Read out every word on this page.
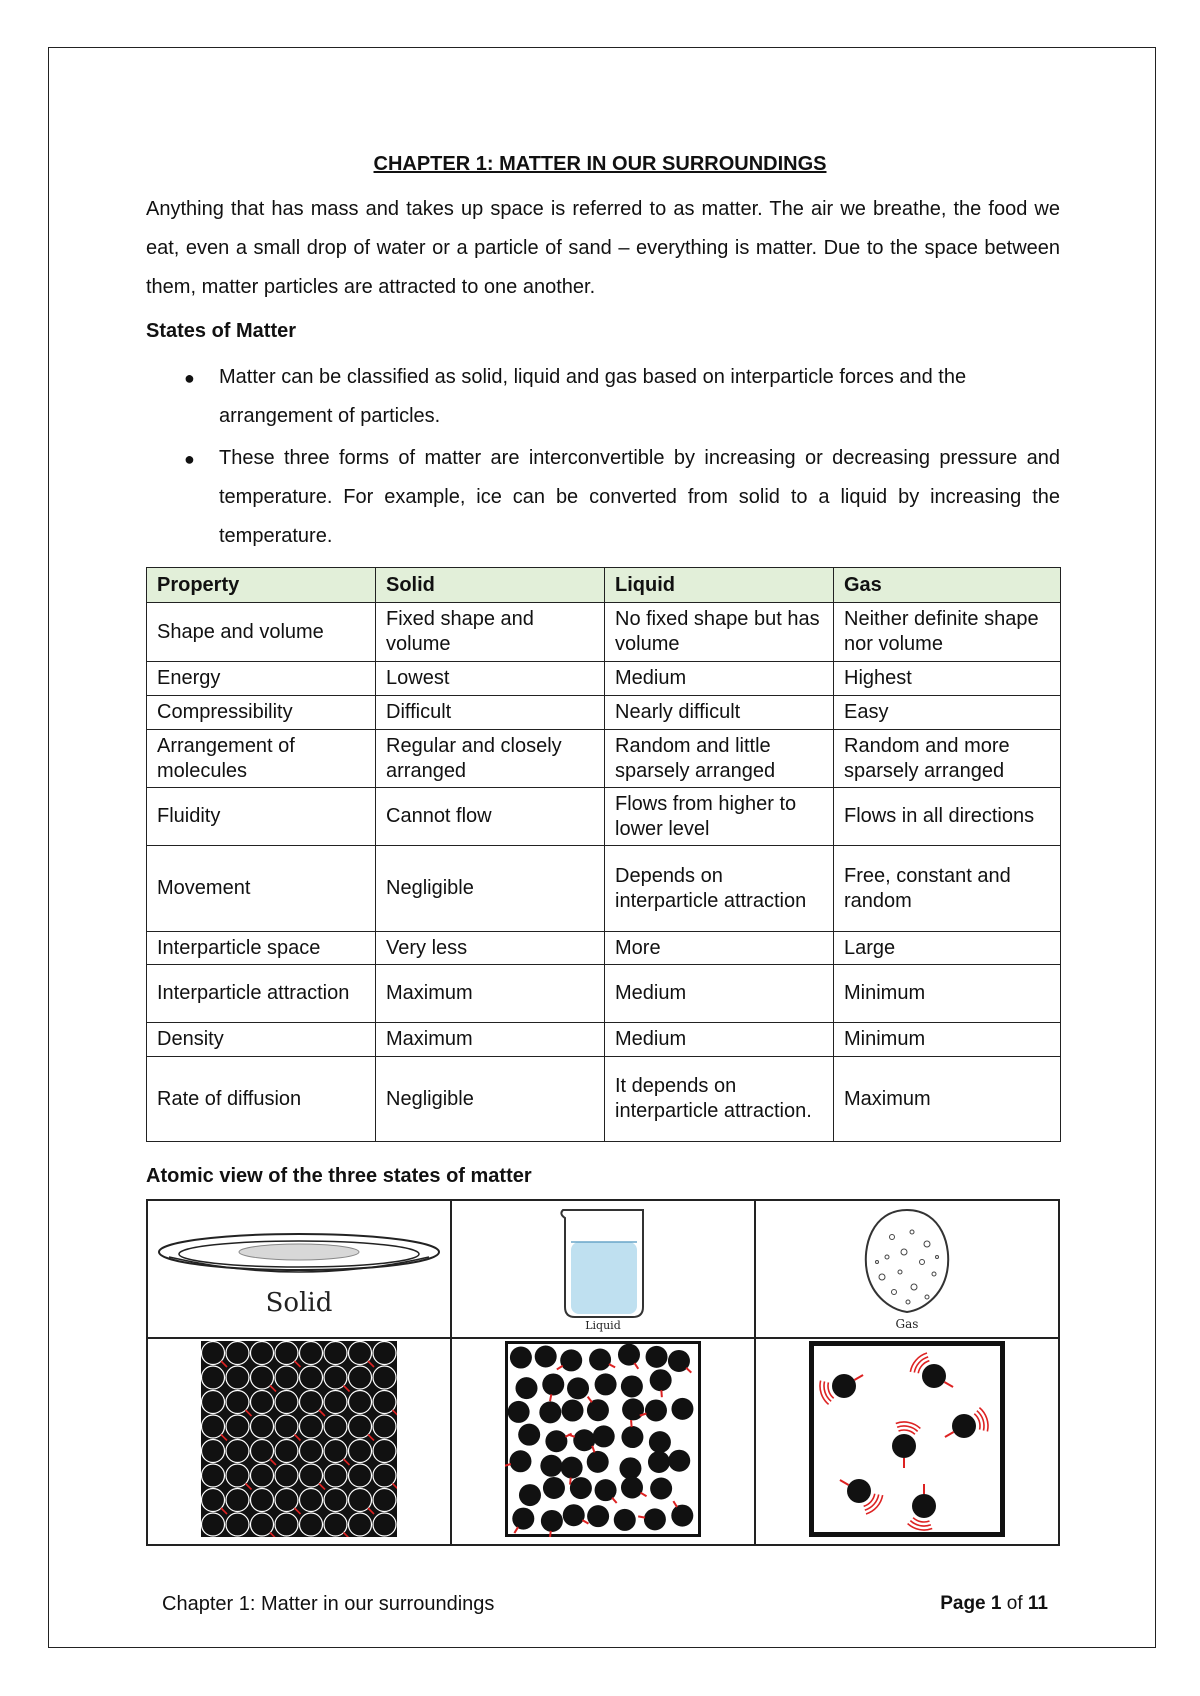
CHAPTER 1: MATTER IN OUR SURROUNDINGS
Anything that has mass and takes up space is referred to as matter. The air we breathe, the food we eat, even a small drop of water or a particle of sand – everything is matter. Due to the space between them, matter particles are attracted to one another.
States of Matter
● Matter can be classified as solid, liquid and gas based on interparticle forces and the arrangement of particles.
● These three forms of matter are interconvertible by increasing or decreasing pressure and temperature. For example, ice can be converted from solid to a liquid by increasing the temperature.
Property	Solid	Liquid	Gas
Shape and volume	Fixed shape and volume	No fixed shape but has volume	Neither definite shape nor volume
Energy	Lowest	Medium	Highest
Compressibility	Difficult	Nearly difficult	Easy
Arrangement of molecules	Regular and closely arranged	Random and little sparsely arranged	Random and more sparsely arranged
Fluidity	Cannot flow	Flows from higher to lower level	Flows in all directions
Movement	Negligible	Depends on interparticle attraction	Free, constant and random
Interparticle space	Very less	More	Large
Interparticle attraction	Maximum	Medium	Minimum
Density	Maximum	Medium	Minimum
Rate of diffusion	Negligible	It depends on interparticle attraction.	Maximum
Atomic view of the three states of matter
Solid	Liquid	Gas

Chapter 1: Matter in our surroundings	Page 1 of 11
